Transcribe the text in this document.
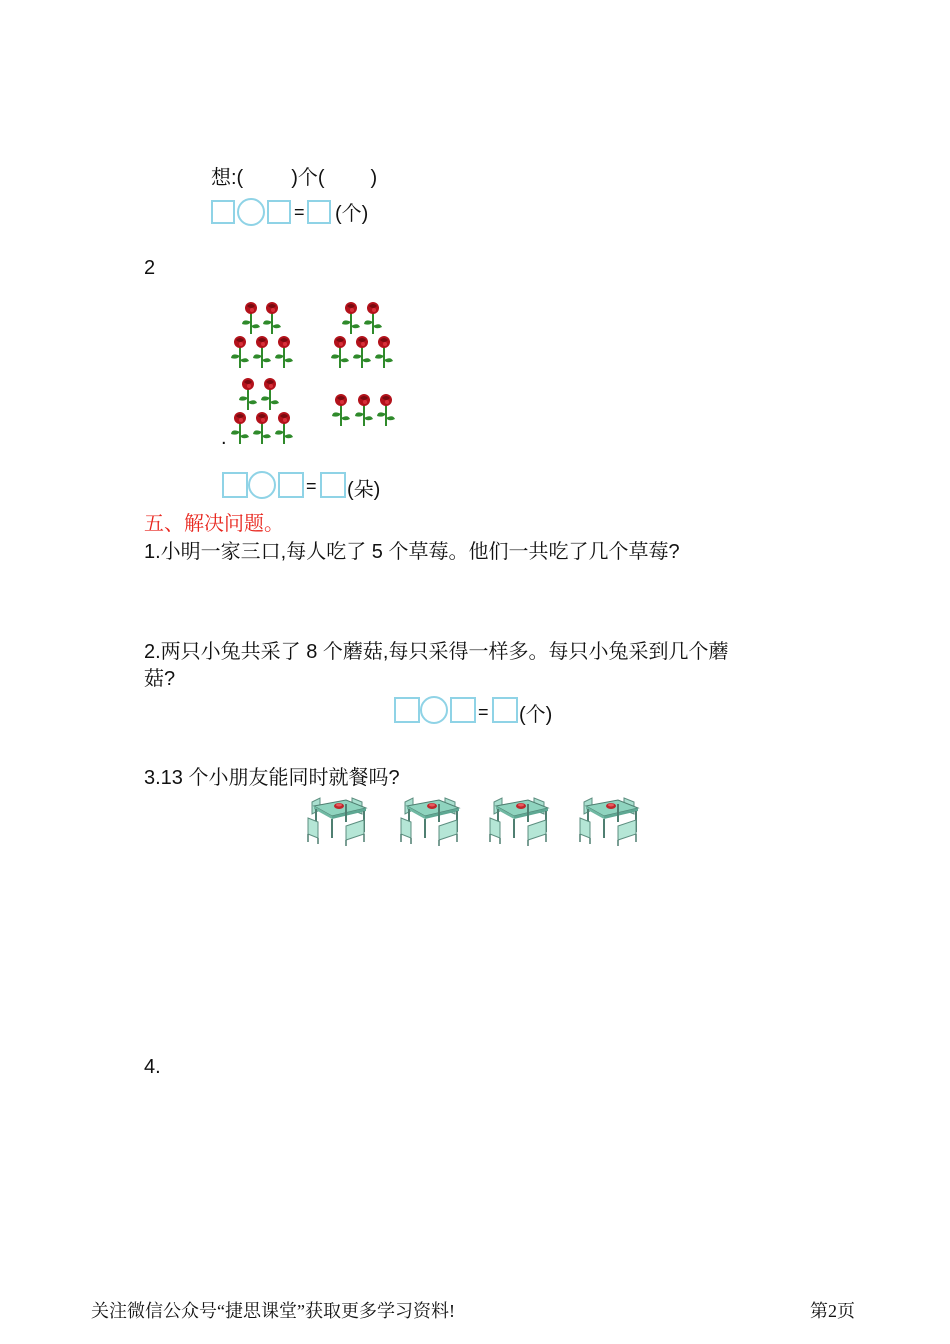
想:( )个( )
= (个)
2
.
= (朵)
五、解决问题。
1.小明一家三口,每人吃了 5 个草莓。他们一共吃了几个草莓?
2.两只小兔共采了 8 个蘑菇,每只采得一样多。每只小兔采到几个蘑
菇?
= (个)
3.13 个小朋友能同时就餐吗?
4.
关注微信公众号“捷思课堂”获取更多学习资料!	第2页
